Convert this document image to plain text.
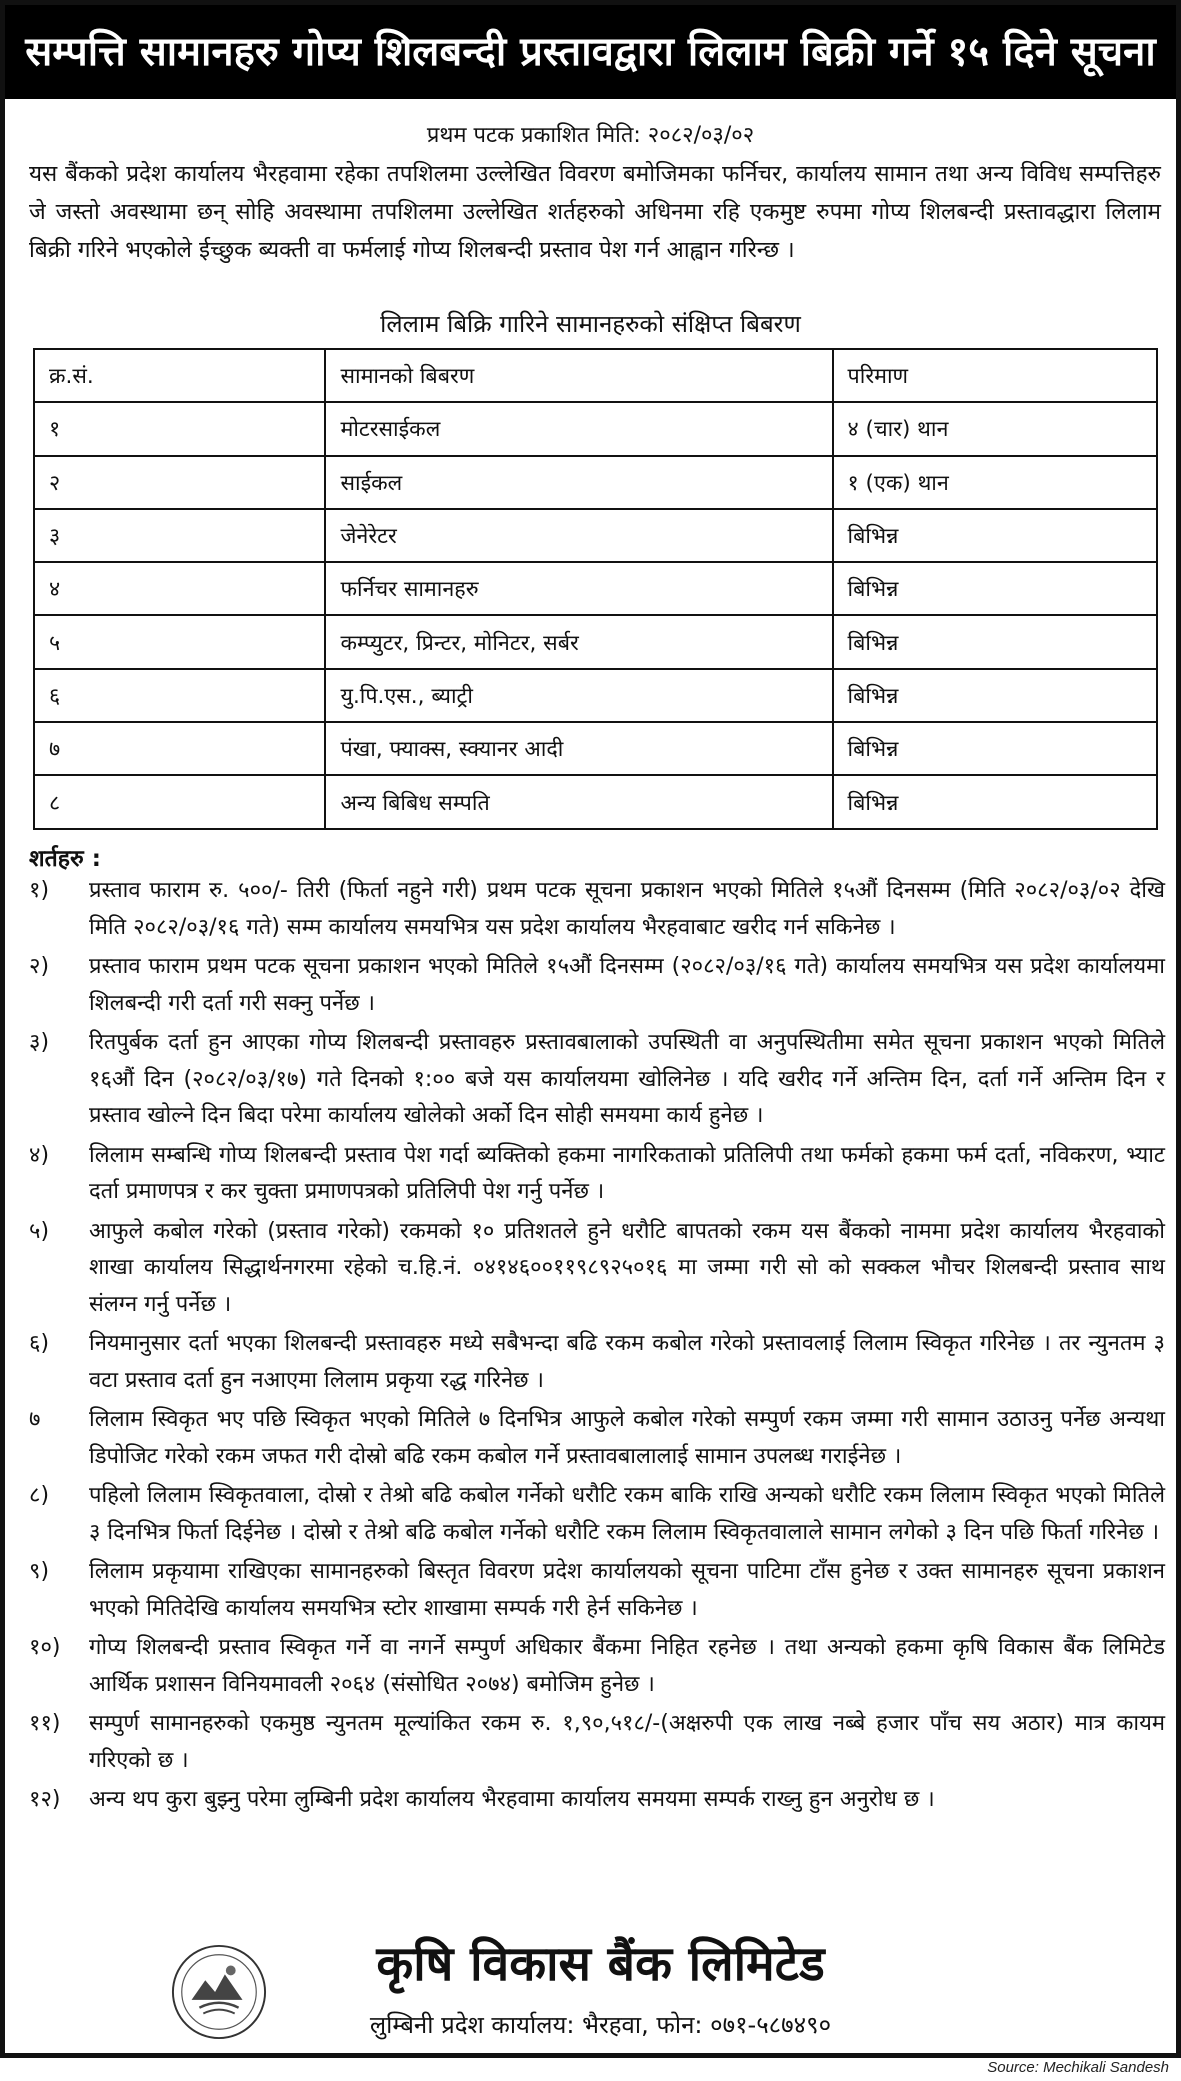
सम्पत्ति सामानहरु गोप्य शिलबन्दी प्रस्तावद्वारा लिलाम बिक्री गर्ने १५ दिने सूचना
प्रथम पटक प्रकाशित मिति: २०८२/०३/०२

यस बैंकको प्रदेश कार्यालय भैरहवामा रहेका तपशिलमा उल्लेखित विवरण बमोजिमका फर्निचर, कार्यालय सामान तथा अन्य विविध सम्पत्तिहरु जे जस्तो अवस्थामा छन् सोहि अवस्थामा तपशिलमा उल्लेखित शर्तहरुको अधिनमा रहि एकमुष्ट रुपमा गोप्य शिलबन्दी प्रस्तावद्धारा लिलाम बिक्री गरिने भएकोले ईच्छुक ब्यक्ती वा फर्मलाई गोप्य शिलबन्दी प्रस्ताव पेश गर्न आह्वान गरिन्छ ।

लिलाम बिक्रि गारिने सामानहरुको संक्षिप्त बिबरण
क्र.सं.	सामानको बिबरण	परिमाण
१	मोटरसाईकल	४ (चार) थान
२	साईकल	१ (एक) थान
३	जेनेरेटर	बिभिन्न
४	फर्निचर सामानहरु	बिभिन्न
५	कम्प्युटर, प्रिन्टर, मोनिटर, सर्बर	बिभिन्न
६	यु.पि.एस., ब्याट्री	बिभिन्न
७	पंखा, फ्याक्स, स्क्यानर आदी	बिभिन्न
८	अन्य बिबिध सम्पति	बिभिन्न
शर्तहरु :
१)	प्रस्ताव फाराम रु. ५००/- तिरी (फिर्ता नहुने गरी) प्रथम पटक सूचना प्रकाशन भएको मितिले १५औं दिनसम्म (मिति २०८२/०३/०२ देखि मिति २०८२/०३/१६ गते) सम्म कार्यालय समयभित्र यस प्रदेश कार्यालय भैरहवाबाट खरीद गर्न सकिनेछ ।
२)	प्रस्ताव फाराम प्रथम पटक सूचना प्रकाशन भएको मितिले १५औं दिनसम्म (२०८२/०३/१६ गते) कार्यालय समयभित्र यस प्रदेश कार्यालयमा शिलबन्दी गरी दर्ता गरी सक्नु पर्नेछ ।
३)	रितपुर्बक दर्ता हुन आएका गोप्य शिलबन्दी प्रस्तावहरु प्रस्तावबालाको उपस्थिती वा अनुपस्थितीमा समेत सूचना प्रकाशन भएको मितिले १६औं दिन (२०८२/०३/१७) गते दिनको १:०० बजे यस कार्यालयमा खोलिनेछ । यदि खरीद गर्ने अन्तिम दिन, दर्ता गर्ने अन्तिम दिन र प्रस्ताव खोल्ने दिन बिदा परेमा कार्यालय खोलेको अर्को दिन सोही समयमा कार्य हुनेछ ।
४)	लिलाम सम्बन्धि गोप्य शिलबन्दी प्रस्ताव पेश गर्दा ब्यक्तिको हकमा नागरिकताको प्रतिलिपी तथा फर्मको हकमा फर्म दर्ता, नविकरण, भ्याट दर्ता प्रमाणपत्र र कर चुक्ता प्रमाणपत्रको प्रतिलिपी पेश गर्नु पर्नेछ ।
५)	आफुले कबोल गरेको (प्रस्ताव गरेको) रकमको १० प्रतिशतले हुने धरौटि बापतको रकम यस बैंकको नाममा प्रदेश कार्यालय भैरहवाको शाखा कार्यालय सिद्धार्थनगरमा रहेको च.हि.नं. ०४१४६००११९८९२५०१६ मा जम्मा गरी सो को सक्कल भौचर शिलबन्दी प्रस्ताव साथ संलग्न गर्नु पर्नेछ ।
६)	नियमानुसार दर्ता भएका शिलबन्दी प्रस्तावहरु मध्ये सबैभन्दा बढि रकम कबोल गरेको प्रस्तावलाई लिलाम स्विकृत गरिनेछ । तर न्युनतम ३ वटा प्रस्ताव दर्ता हुन नआएमा लिलाम प्रकृया रद्ध गरिनेछ ।
७	लिलाम स्विकृत भए पछि स्विकृत भएको मितिले ७ दिनभित्र आफुले कबोल गरेको सम्पुर्ण रकम जम्मा गरी सामान उठाउनु पर्नेछ अन्यथा डिपोजिट गरेको रकम जफत गरी दोस्रो बढि रकम कबोल गर्ने प्रस्तावबालालाई सामान उपलब्ध गराईनेछ ।
८)	पहिलो लिलाम स्विकृतवाला, दोस्रो र तेश्रो बढि कबोल गर्नेको धरौटि रकम बाकि राखि अन्यको धरौटि रकम लिलाम स्विकृत भएको मितिले ३ दिनभित्र फिर्ता दिईनेछ । दोस्रो र तेश्रो बढि कबोल गर्नेको धरौटि रकम लिलाम स्विकृतवालाले सामान लगेको ३ दिन पछि फिर्ता गरिनेछ ।
९)	लिलाम प्रकृयामा राखिएका सामानहरुको बिस्तृत विवरण प्रदेश कार्यालयको सूचना पाटिमा टाँस हुनेछ र उक्त सामानहरु सूचना प्रकाशन भएको मितिदेखि कार्यालय समयभित्र स्टोर शाखामा सम्पर्क गरी हेर्न सकिनेछ ।
१०)	गोप्य शिलबन्दी प्रस्ताव स्विकृत गर्ने वा नगर्ने सम्पुर्ण अधिकार बैंकमा निहित रहनेछ । तथा अन्यको हकमा कृषि विकास बैंक लिमिटेड आर्थिक प्रशासन विनियमावली २०६४ (संसोधित २०७४) बमोजिम हुनेछ ।
११)	सम्पुर्ण सामानहरुको एकमुष्ठ न्युनतम मूल्यांकित रकम रु. १,९०,५१८/-(अक्षरुपी एक लाख नब्बे हजार पाँच सय अठार) मात्र कायम गरिएको छ ।
१२)	अन्य थप कुरा बुझ्नु परेमा लुम्बिनी प्रदेश कार्यालय भैरहवामा कार्यालय समयमा सम्पर्क राख्नु हुन अनुरोध छ ।
कृषि विकास बैंक लिमिटेड
लुम्बिनी प्रदेश कार्यालय: भैरहवा, फोन: ०७१-५८७४९०
Source: Mechikali Sandesh
